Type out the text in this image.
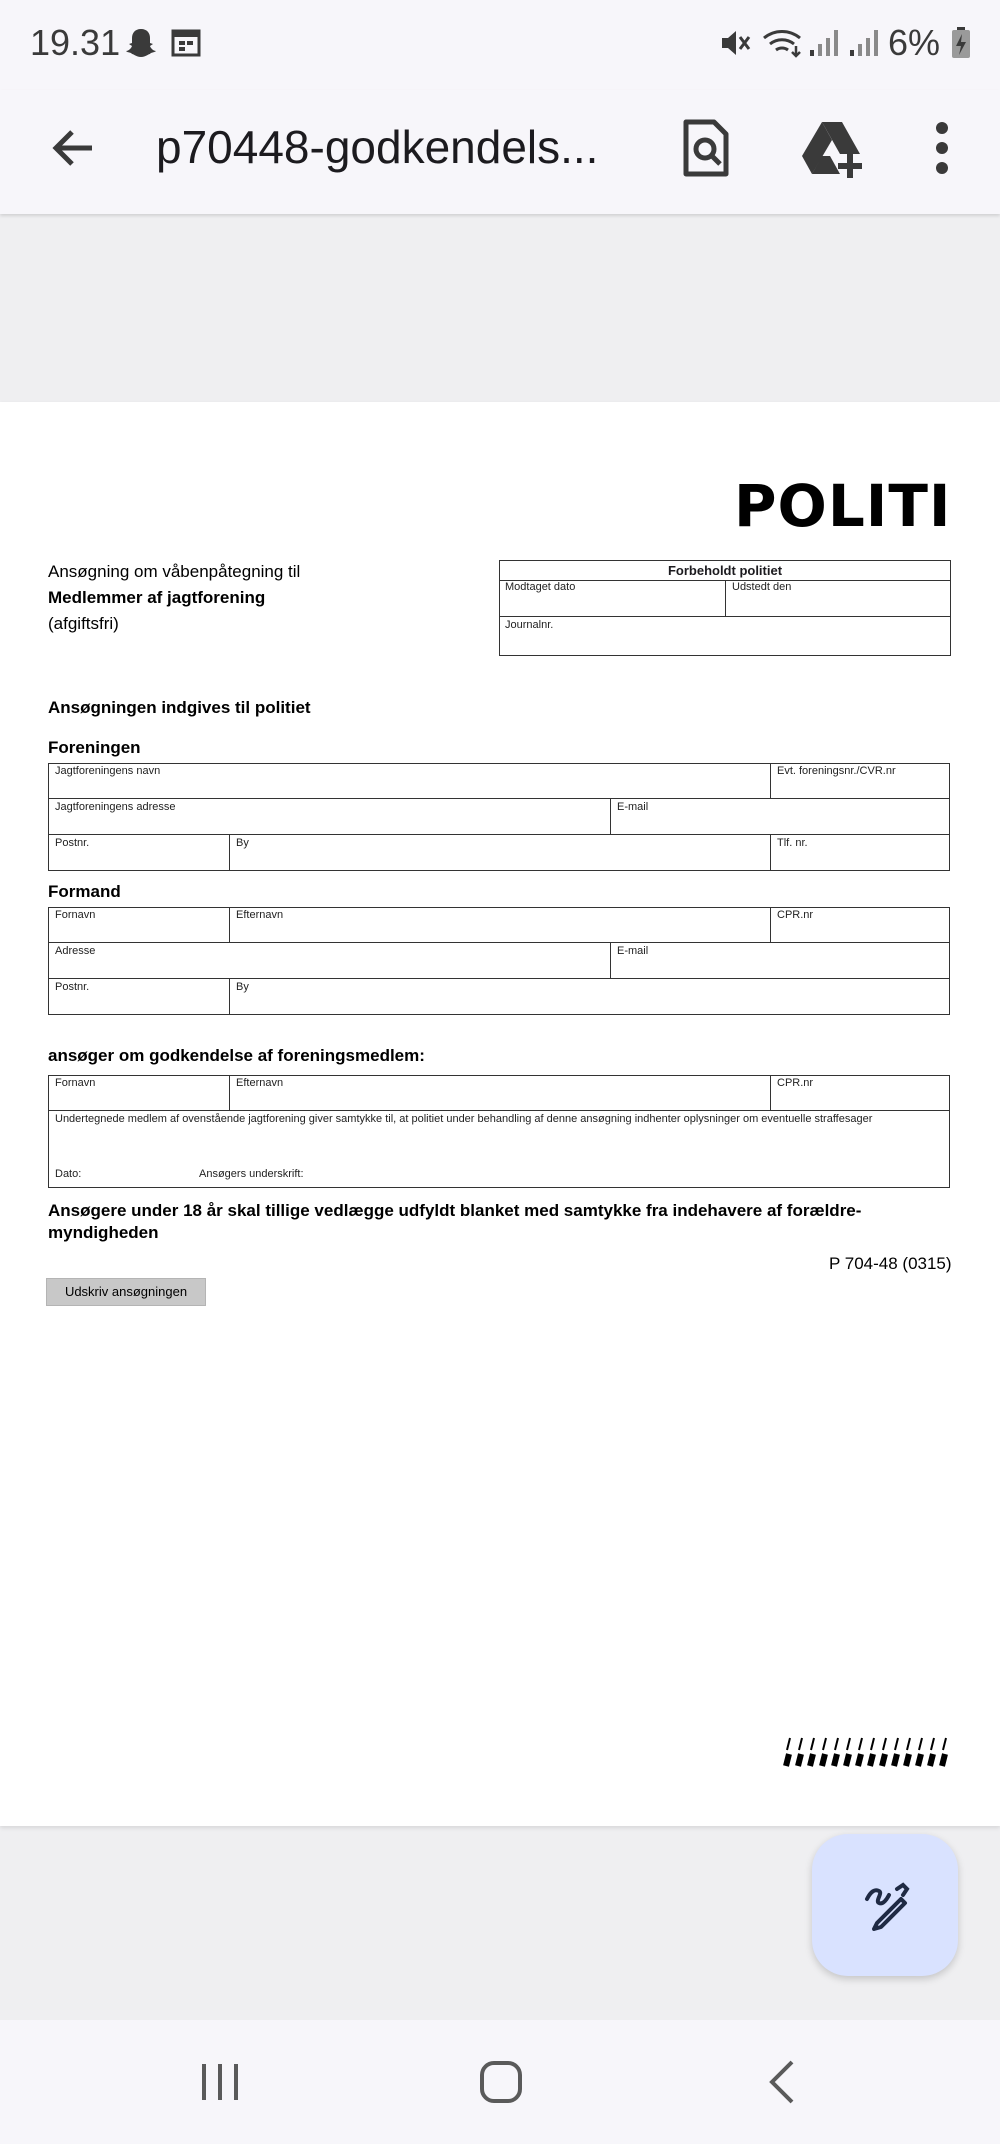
19.31	6%
p70448-godkendels...
POLITI
Ansøgning om våbenpåtegning til
Medlemmer af jagtforening
(afgiftsfri)
Forbeholdt politiet
Modtaget dato	Udstedt den
Journalnr.
Ansøgningen indgives til politiet
Foreningen
Jagtforeningens navn	Evt. foreningsnr./CVR.nr
Jagtforeningens adresse	E-mail
Postnr.	By	Tlf. nr.
Formand
Fornavn	Efternavn	CPR.nr
Adresse	E-mail
Postnr.	By
ansøger om godkendelse af foreningsmedlem:
Fornavn	Efternavn	CPR.nr
Undertegnede medlem af ovenstående jagtforening giver samtykke til, at politiet under behandling af denne ansøgning indhenter oplysninger om eventuelle straffesager
Dato:	Ansøgers underskrift:
Ansøgere under 18 år skal tillige vedlægge udfyldt blanket med samtykke fra indehavere af forældre-myndigheden
P 704-48 (0315)
Udskriv ansøgningen
